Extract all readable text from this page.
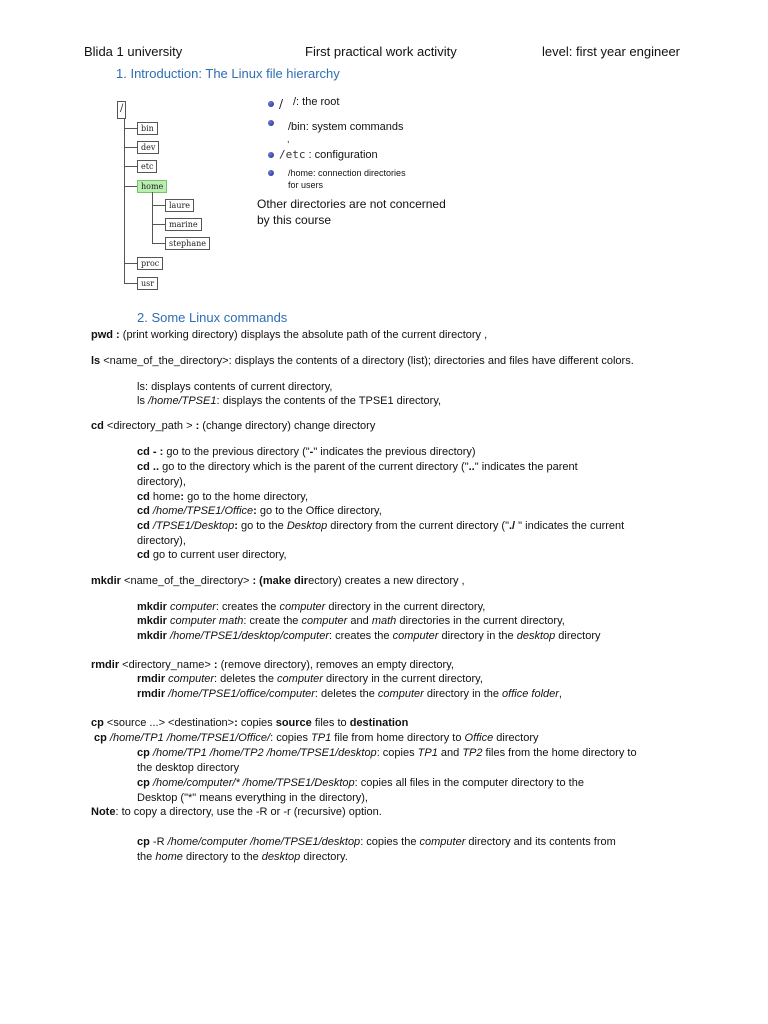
Blida 1 university	First practical work activity	level: first year engineer
1. Introduction: The Linux file hierarchy
/
bin
dev
etc
home
proc
usr
laure
marine
stephane
/ /: the root
/bin: system commands
,
/etc : configuration
/home: connection directories
for users
Other directories are not concerned
by this course
2. Some Linux commands
pwd : (print working directory) displays the absolute path of the current directory ,
ls <name_of_the_directory>: displays the contents of a directory (list); directories and files have different colors.
ls: displays contents of current directory,
ls /home/TPSE1: displays the contents of the TPSE1 directory,
cd <directory_path > : (change directory) change directory
cd - : go to the previous directory ("-" indicates the previous directory)
cd .. go to the directory which is the parent of the current directory (".." indicates the parent
directory),
cd home: go to the home directory,
cd /home/TPSE1/Office: go to the Office directory,
cd /TPSE1/Desktop: go to the Desktop directory from the current directory ("./ " indicates the current
directory),
cd go to current user directory,
mkdir <name_of_the_directory> : (make directory) creates a new directory ,
mkdir computer: creates the computer directory in the current directory,
mkdir computer math: create the computer and math directories in the current directory,
mkdir /home/TPSE1/desktop/computer: creates the computer directory in the desktop directory
rmdir <directory_name> : (remove directory), removes an empty directory,
rmdir computer: deletes the computer directory in the current directory,
rmdir /home/TPSE1/office/computer: deletes the computer directory in the office folder,
cp <source ...> <destination>: copies source files to destination
cp /home/TP1 /home/TPSE1/Office/: copies TP1 file from home directory to Office directory
cp /home/TP1 /home/TP2 /home/TPSE1/desktop: copies TP1 and TP2 files from the home directory to
the desktop directory
cp /home/computer/* /home/TPSE1/Desktop: copies all files in the computer directory to the
Desktop ("*" means everything in the directory),
Note: to copy a directory, use the -R or -r (recursive) option.
cp -R /home/computer /home/TPSE1/desktop: copies the computer directory and its contents from
the home directory to the desktop directory.
